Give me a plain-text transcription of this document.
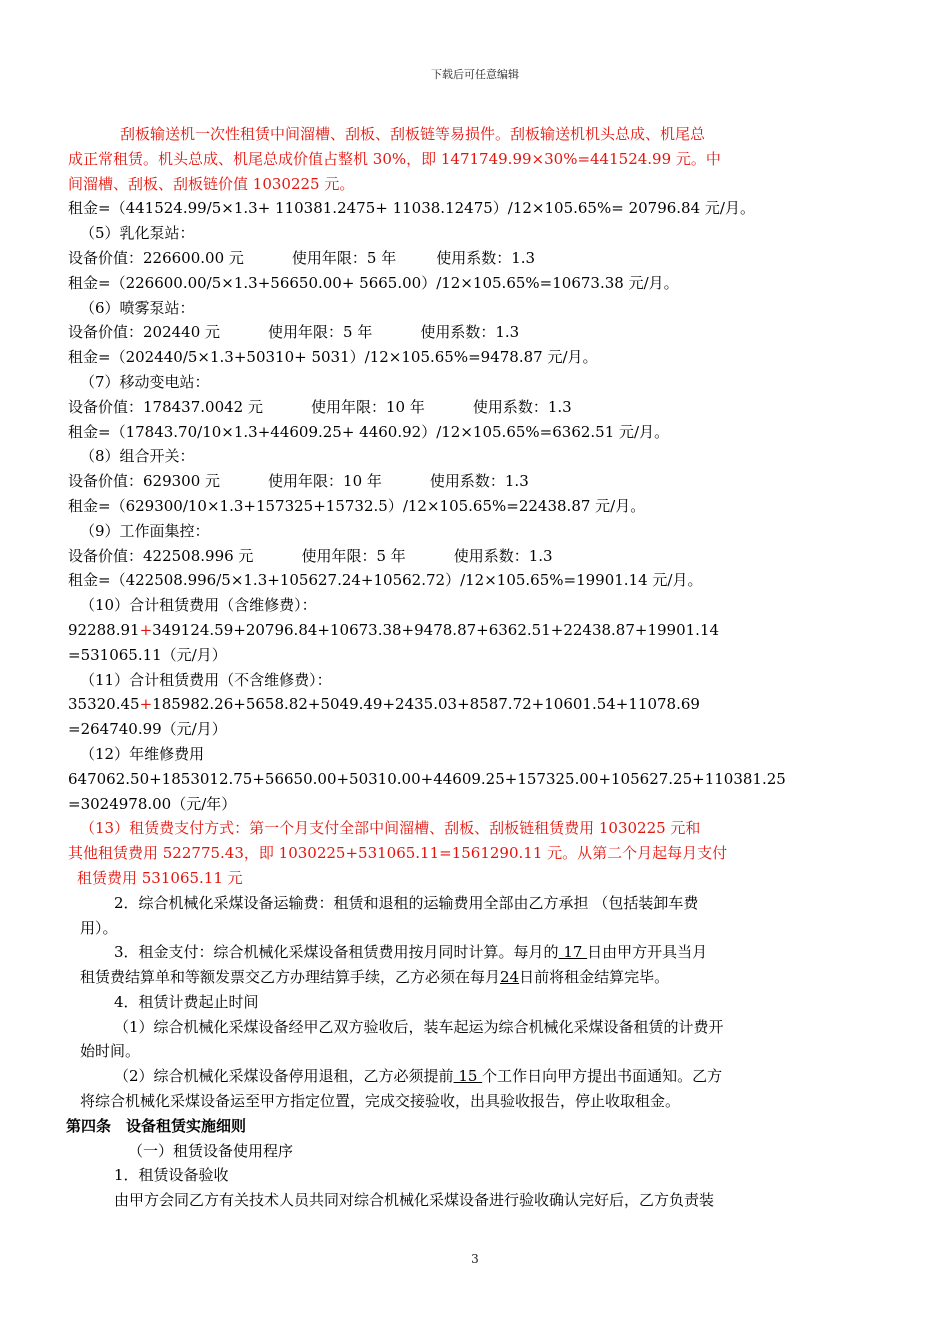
下载后可任意编辑

刮板输送机一次性租赁中间溜槽、刮板、刮板链等易损件。刮板输送机机头总成、机尾总

成正常租赁。机头总成、机尾总成价值占整机 30%，即 1471749.99×30%=441524.99 元。中

间溜槽、刮板、刮板链价值 1030225 元。

租金=（441524.99/5×1.3+ 110381.2475+ 11038.12475）/12×105.65%= 20796.84 元/月。

（5）乳化泵站：

设备价值：226600.00 元	使用年限：5 年	使用系数：1.3

租金=（226600.00/5×1.3+56650.00+ 5665.00）/12×105.65%=10673.38 元/月。

（6）喷雾泵站：

设备价值：202440 元	使用年限：5 年	使用系数：1.3

租金=（202440/5×1.3+50310+ 5031）/12×105.65%=9478.87 元/月。

（7）移动变电站：

设备价值：178437.0042 元	使用年限：10 年	使用系数：1.3

租金=（17843.70/10×1.3+44609.25+ 4460.92）/12×105.65%=6362.51 元/月。

（8）组合开关：

设备价值：629300 元	使用年限：10 年	使用系数：1.3

租金=（629300/10×1.3+157325+15732.5）/12×105.65%=22438.87 元/月。

（9）工作面集控：

设备价值：422508.996 元	使用年限：5 年	使用系数：1.3

租金=（422508.996/5×1.3+105627.24+10562.72）/12×105.65%=19901.14 元/月。

（10）合计租赁费用（含维修费）：

92288.91+349124.59+20796.84+10673.38+9478.87+6362.51+22438.87+19901.14

=531065.11（元/月）

（11）合计租赁费用（不含维修费）：

35320.45+185982.26+5658.82+5049.49+2435.03+8587.72+10601.54+11078.69

=264740.99（元/月）

（12）年维修费用

647062.50+1853012.75+56650.00+50310.00+44609.25+157325.00+105627.25+110381.25

=3024978.00（元/年）

（13）租赁费支付方式：第一个月支付全部中间溜槽、刮板、刮板链租赁费用 1030225 元和

其他租赁费用 522775.43，即 1030225+531065.11=1561290.11 元。从第二个月起每月支付

租赁费用 531065.11 元

2．综合机械化采煤设备运输费：租赁和退租的运输费用全部由乙方承担 （包括装卸车费

用）。

3．租金支付：综合机械化采煤设备租赁费用按月同时计算。每月的 17 日由甲方开具当月

租赁费结算单和等额发票交乙方办理结算手续，乙方必须在每月24日前将租金结算完毕。

4．租赁计费起止时间

（1）综合机械化采煤设备经甲乙双方验收后，装车起运为综合机械化采煤设备租赁的计费开

始时间。

（2）综合机械化采煤设备停用退租，乙方必须提前 15 个工作日向甲方提出书面通知。乙方

将综合机械化采煤设备运至甲方指定位置，完成交接验收，出具验收报告，停止收取租金。

第四条　设备租赁实施细则

（一）租赁设备使用程序

1．租赁设备验收

由甲方会同乙方有关技术人员共同对综合机械化采煤设备进行验收确认完好后，乙方负责装

3
